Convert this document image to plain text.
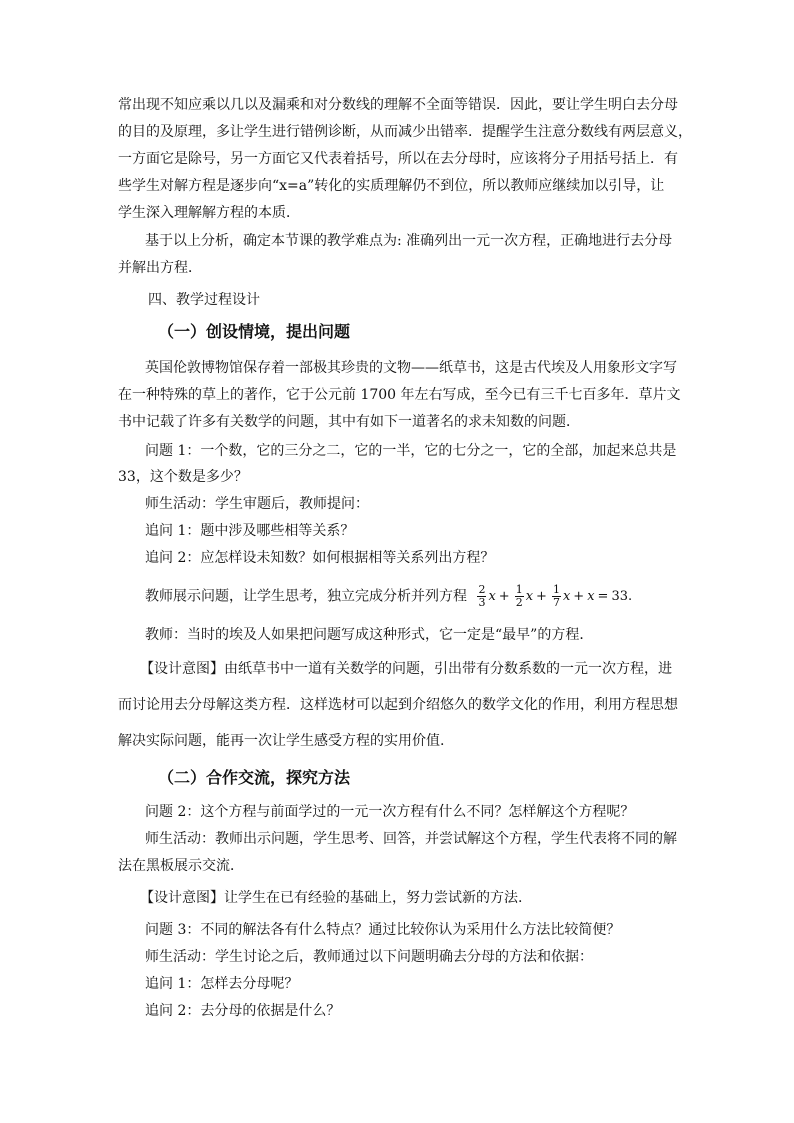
常出现不知应乘以几以及漏乘和对分数线的理解不全面等错误．因此，要让学生明白去分母
的目的及原理，多让学生进行错例诊断，从而减少出错率．提醒学生注意分数线有两层意义，
一方面它是除号，另一方面它又代表着括号，所以在去分母时，应该将分子用括号括上．有
些学生对解方程是逐步向“x=a”转化的实质理解仍不到位，所以教师应继续加以引导，让
学生深入理解解方程的本质．
基于以上分析，确定本节课的教学难点为: 准确列出一元一次方程，正确地进行去分母
并解出方程．
四、教学过程设计
（一）创设情境，提出问题
英国伦敦博物馆保存着一部极其珍贵的文物——纸草书，这是古代埃及人用象形文字写
在一种特殊的草上的著作，它于公元前 1700 年左右写成，至今已有三千七百多年．草片文
书中记载了许多有关数学的问题，其中有如下一道著名的求未知数的问题．
问题 1：一个数，它的三分之二，它的一半，它的七分之一，它的全部，加起来总共是
33，这个数是多少？
师生活动：学生审题后，教师提问：
追问 1：题中涉及哪些相等关系？
追问 2：应怎样设未知数？如何根据相等关系列出方程？
教师展示问题，让学生思考，独立完成分析并列方程 $\frac{2}{3}$ $x + \frac{1}{2}$ $x + \frac{1}{7}$ x + x = 33 .
教师：当时的埃及人如果把问题写成这种形式，它一定是“最早”的方程．
【设计意图】由纸草书中一道有关数学的问题，引出带有分数系数的一元一次方程，进
而讨论用去分母解这类方程．这样选材可以起到介绍悠久的数学文化的作用，利用方程思想
解决实际问题，能再一次让学生感受方程的实用价值.
（二）合作交流，探究方法
问题 2：这个方程与前面学过的一元一次方程有什么不同？怎样解这个方程呢？
师生活动：教师出示问题，学生思考、回答，并尝试解这个方程，学生代表将不同的解
法在黑板展示交流．
【设计意图】让学生在已有经验的基础上，努力尝试新的方法.
问题 3：不同的解法各有什么特点？通过比较你认为采用什么方法比较简便？
师生活动：学生讨论之后，教师通过以下问题明确去分母的方法和依据：
追问 1：怎样去分母呢？
追问 2：去分母的依据是什么？
